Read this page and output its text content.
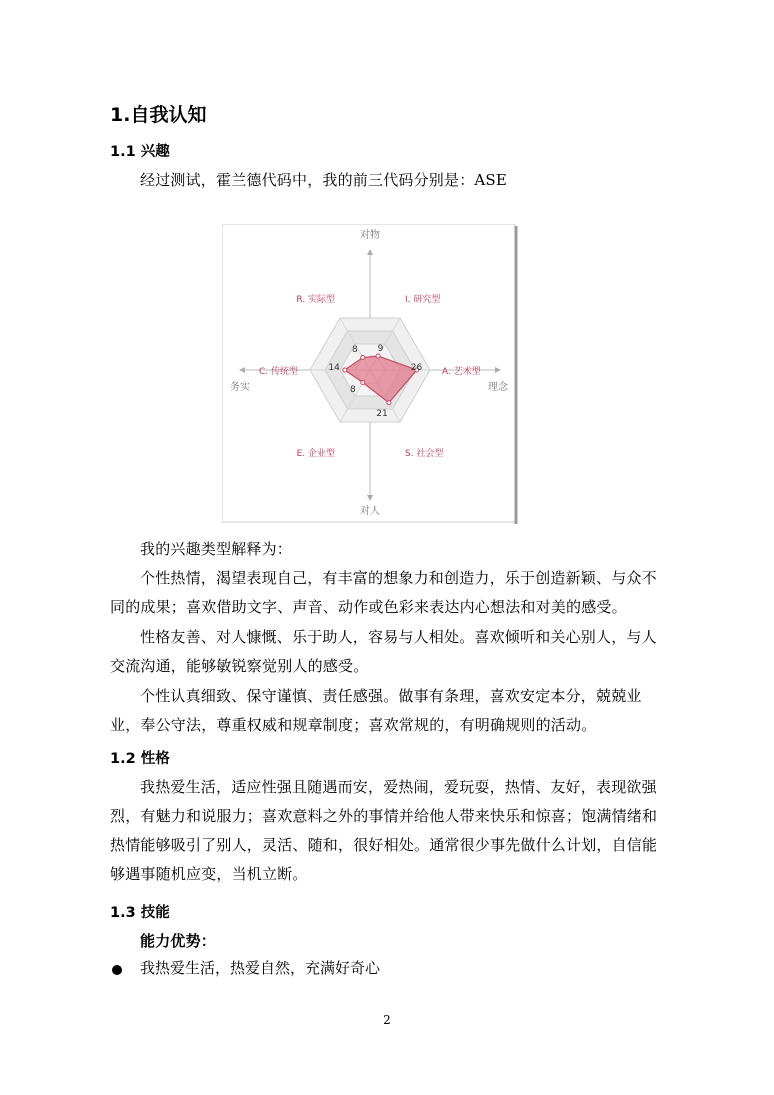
1.自我认知
1.1 兴趣
经过测试，霍兰德代码中，我的前三代码分别是：ASE
9
26
21
8
14
8
I. 研究型
A. 艺术型
S. 社会型
E. 企业型
C. 传统型
R. 实际型
对物
对人
务实	理念
我的兴趣类型解释为：
个性热情，渴望表现自己，有丰富的想象力和创造力，乐于创造新颖、与众不同的成果；喜欢借助文字、声音、动作或色彩来表达内心想法和对美的感受。
性格友善、对人慷慨、乐于助人，容易与人相处。喜欢倾听和关心别人，与人交流沟通，能够敏锐察觉别人的感受。
个性认真细致、保守谨慎、责任感强。做事有条理，喜欢安定本分，兢兢业业，奉公守法，尊重权威和规章制度；喜欢常规的，有明确规则的活动。
1.2 性格
我热爱生活，适应性强且随遇而安，爱热闹，爱玩耍，热情、友好，表现欲强烈，有魅力和说服力；喜欢意料之外的事情并给他人带来快乐和惊喜；饱满情绪和热情能够吸引了别人，灵活、随和，很好相处。通常很少事先做什么计划，自信能够遇事随机应变，当机立断。
1.3 技能
能力优势：
我热爱生活，热爱自然，充满好奇心
2
